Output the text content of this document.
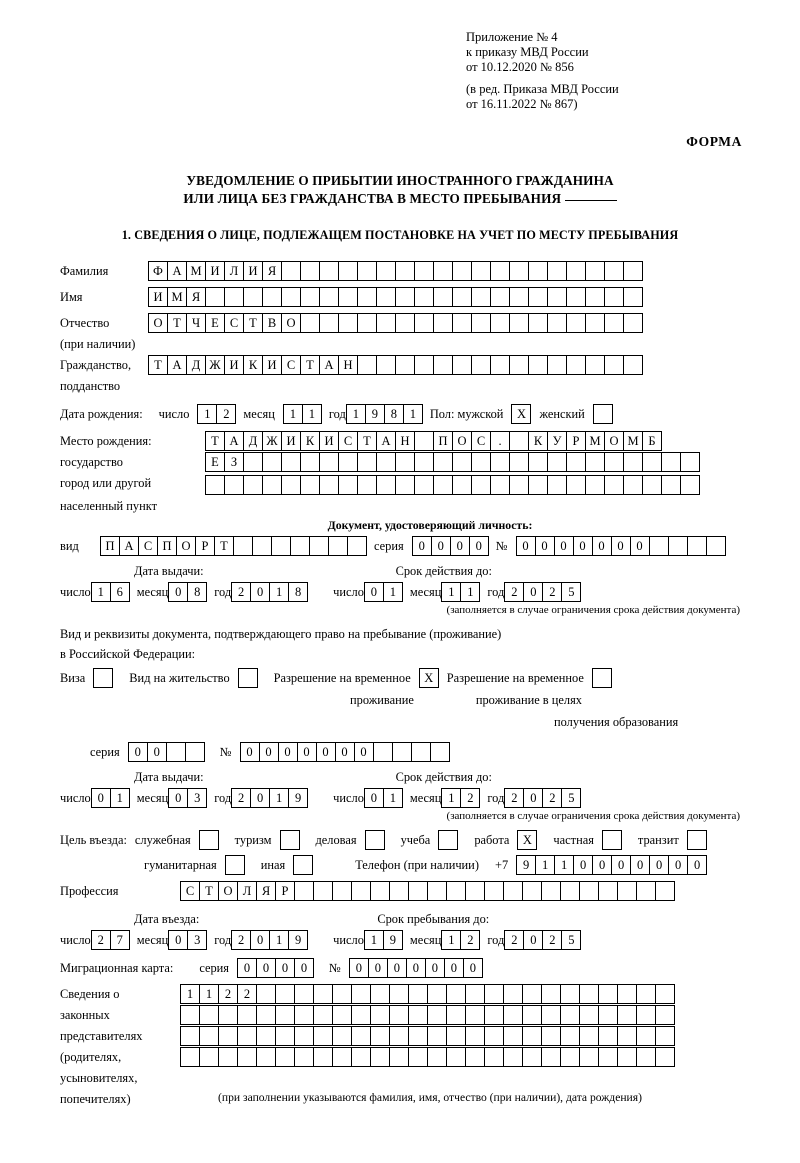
Приложение № 4
к приказу МВД России
от 10.12.2020 № 856
(в ред. Приказа МВД России
от 16.11.2022 № 867)
ФОРМА
УВЕДОМЛЕНИЕ О ПРИБЫТИИ ИНОСТРАННОГО ГРАЖДАНИНА
ИЛИ ЛИЦА БЕЗ ГРАЖДАНСТВА В МЕСТО ПРЕБЫВАНИЯ
1. СВЕДЕНИЯ О ЛИЦЕ, ПОДЛЕЖАЩЕМ ПОСТАНОВКЕ НА УЧЕТ ПО МЕСТУ ПРЕБЫВАНИЯ
Фамилия	Ф А М И Л И Я
Имя	И М Я
Отчество	О Т Ч Е С Т В О
(при наличии)
Гражданство,	Т А Д Ж И К И С Т А Н
подданство
Дата рождения: число	1	2	месяц	1	1	год 1	9	8	1	Пол: мужской	X	женский
Место рождения:	Т А Д Ж И К И С Т А Н	П О С	.	К У Р М О М Б
государство	Е З
город или другой
населенный пункт
Документ, удостоверяющий личность:
вид	П А С П О Р Т	серия	0	0	0	0	№	0	0	0	0	0	0	0
Дата выдачи:	Срок действия до:
число 1	6	месяц 0	8	год 2	0	1	8	число 0	1	месяц 1	1	год 2	0	2	5
(заполняется в случае ограничения срока действия документа)
Вид и реквизиты документа, подтверждающего право на пребывание (проживание)
в Российской Федерации:
Виза	Вид на жительство	Разрешение на временное	X	Разрешение на временное
проживание	проживание в целях
получения образования
серия	0	0	№	0	0	0	0	0	0	0
Дата выдачи:	Срок действия до:
число 0	1	месяц 0	3	год 2	0	1	9	число 0	1	месяц 1	2	год 2	0	2	5
(заполняется в случае ограничения срока действия документа)
Цель въезда: служебная	туризм	деловая	учеба	работа	X	частная	транзит
гуманитарная	иная	Телефон (при наличии) +7	9	1	1	0	0	0	0	0	0	0
Профессия	С Т О Л Я Р
Дата въезда:	Срок пребывания до:
число 2	7	месяц 0	3	год 2	0	1	9	число 1	9	месяц 1	2	год 2	0	2	5
Миграционная карта: серия	0	0	0	0	№	0	0	0	0	0	0	0
Сведения о	1	1	2	2
законных
представителях
(родителях,
усыновителях,
попечителях)	(при заполнении указываются фамилия, имя, отчество (при наличии), дата рождения)
